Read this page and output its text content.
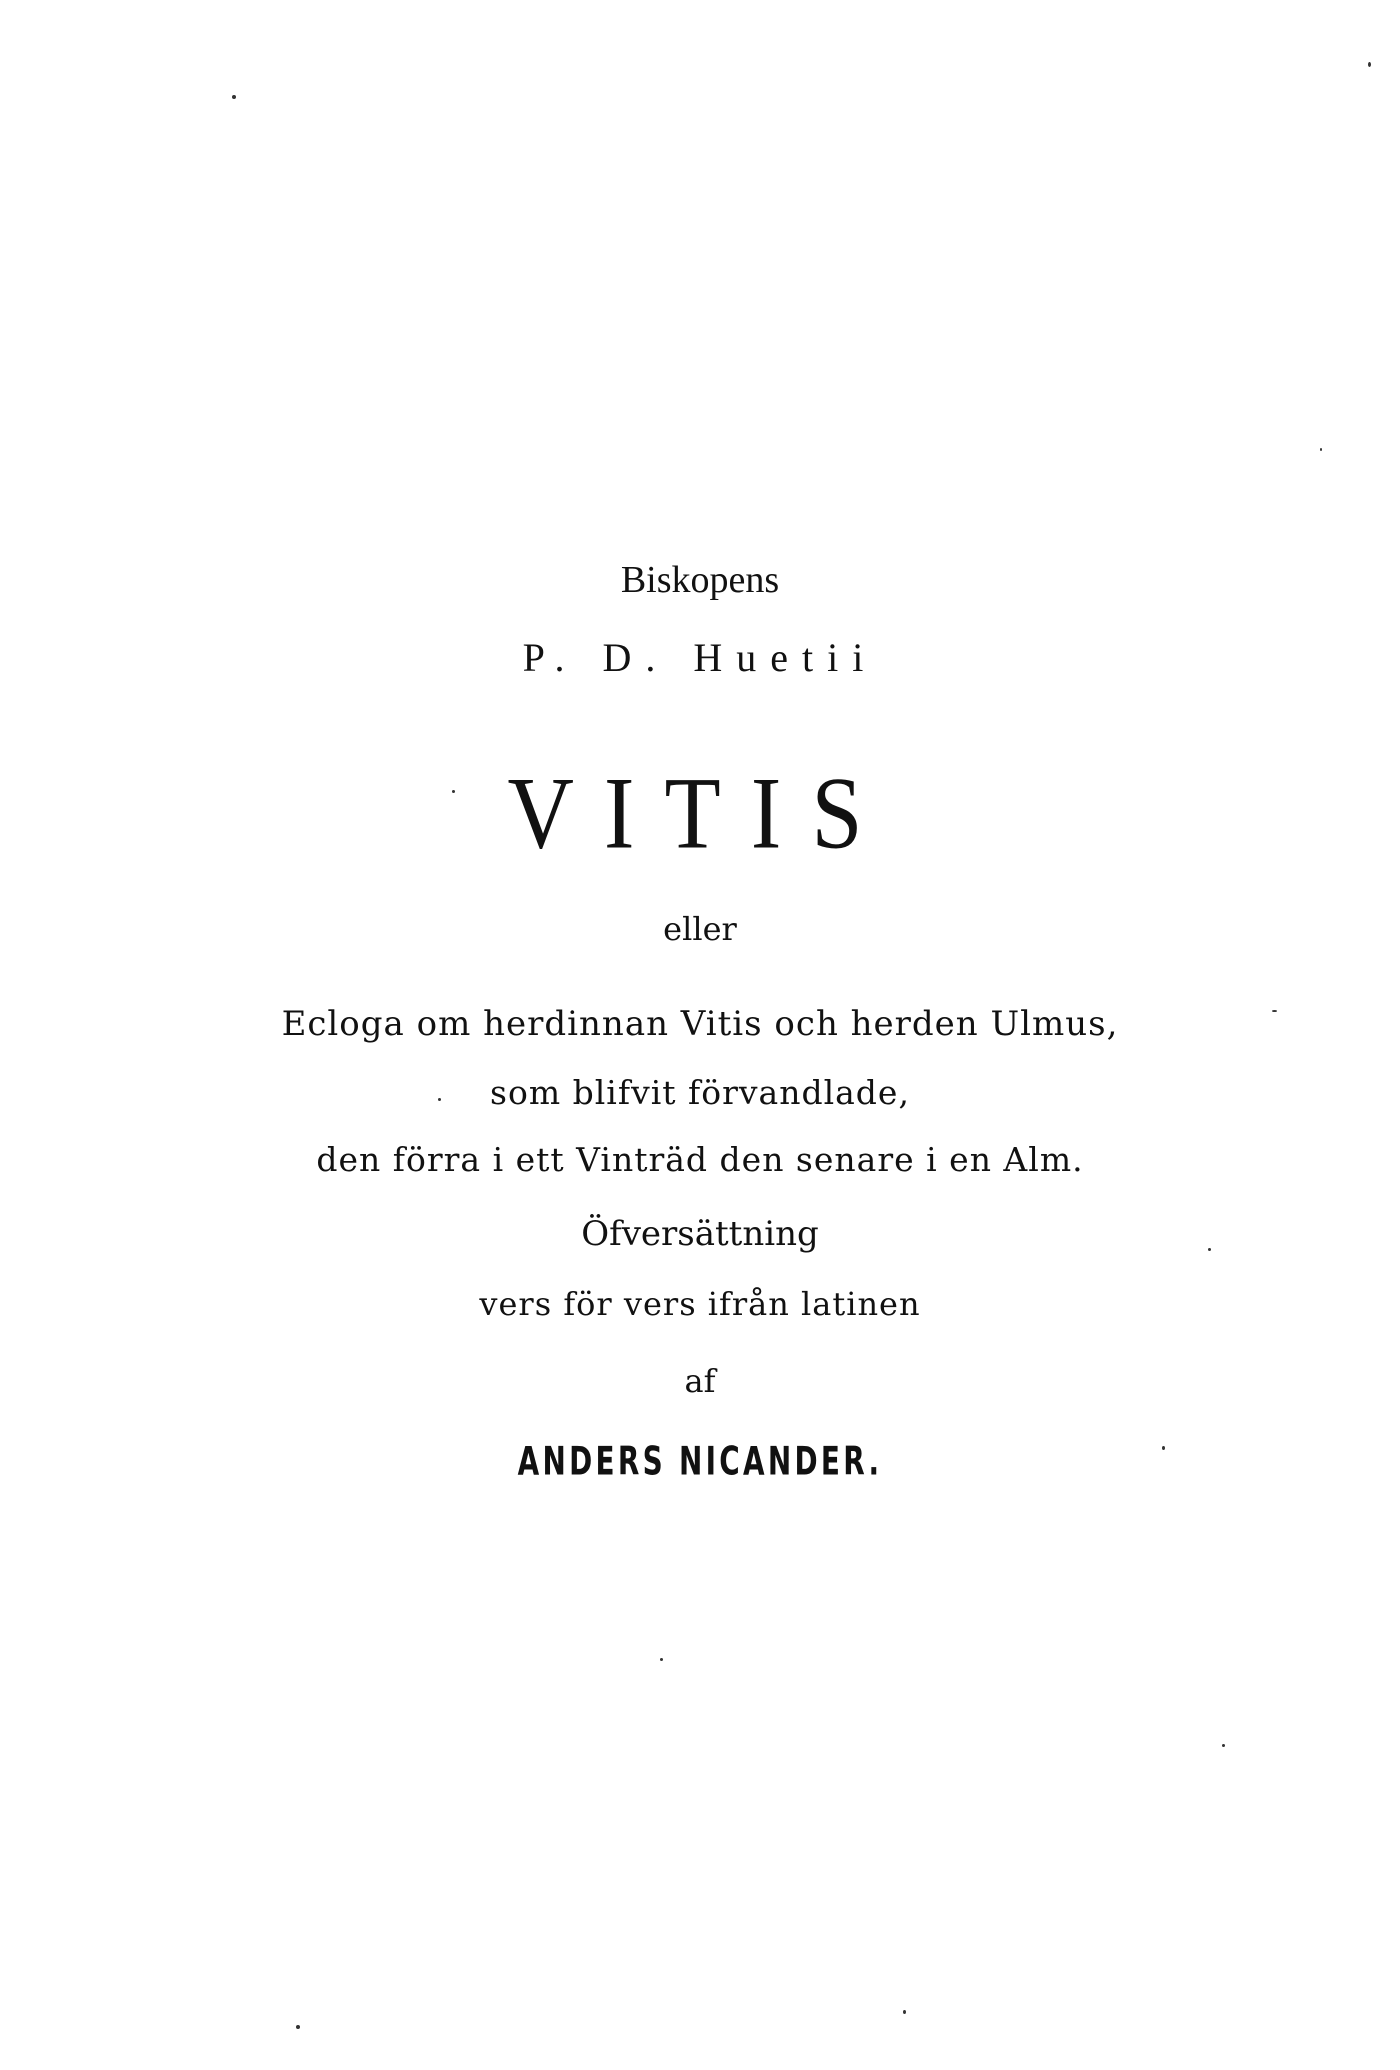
Biskopens
P. D. Huetii
VITIS
eller
Ecloga om herdinnan Vitis och herden Ulmus,
som blifvit förvandlade,
den förra i ett Vinträd den senare i en Alm.
Öfversättning
vers för vers ifrån latinen
af
ANDERS NICANDER.
